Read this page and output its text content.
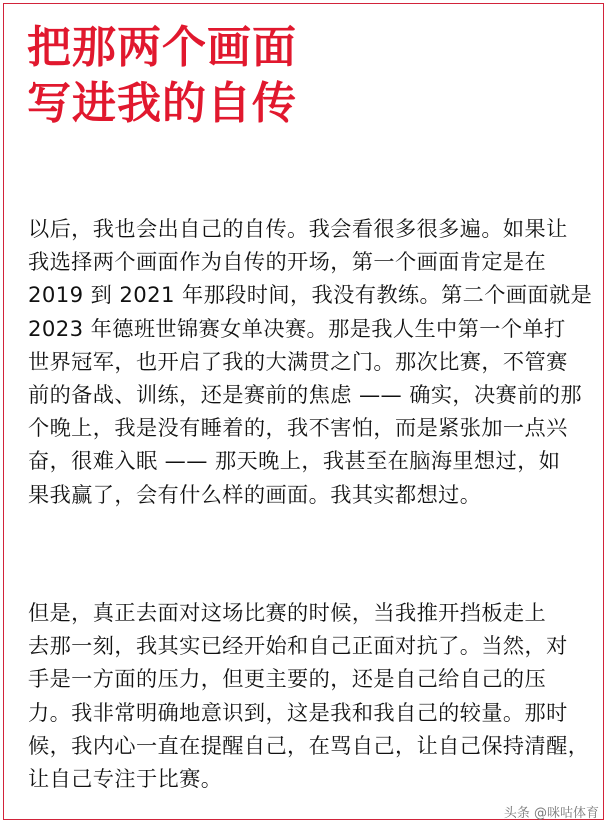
把那两个画面
写进我的自传

以后，我也会出自己的自传。我会看很多很多遍。如果让
我选择两个画面作为自传的开场，第一个画面肯定是在
2019 到 2021 年那段时间，我没有教练。第二个画面就是
2023 年德班世锦赛女单决赛。那是我人生中第一个单打
世界冠军，也开启了我的大满贯之门。那次比赛，不管赛
前的备战、训练，还是赛前的焦虑 —— 确实，决赛前的那
个晚上，我是没有睡着的，我不害怕，而是紧张加一点兴
奋，很难入眠 —— 那天晚上，我甚至在脑海里想过，如
果我赢了，会有什么样的画面。我其实都想过。

但是，真正去面对这场比赛的时候，当我推开挡板走上
去那一刻，我其实已经开始和自己正面对抗了。当然，对
手是一方面的压力，但更主要的，还是自己给自己的压
力。我非常明确地意识到，这是我和我自己的较量。那时
候，我内心一直在提醒自己，在骂自己，让自己保持清醒，
让自己专注于比赛。

头条 @咪咕体育
